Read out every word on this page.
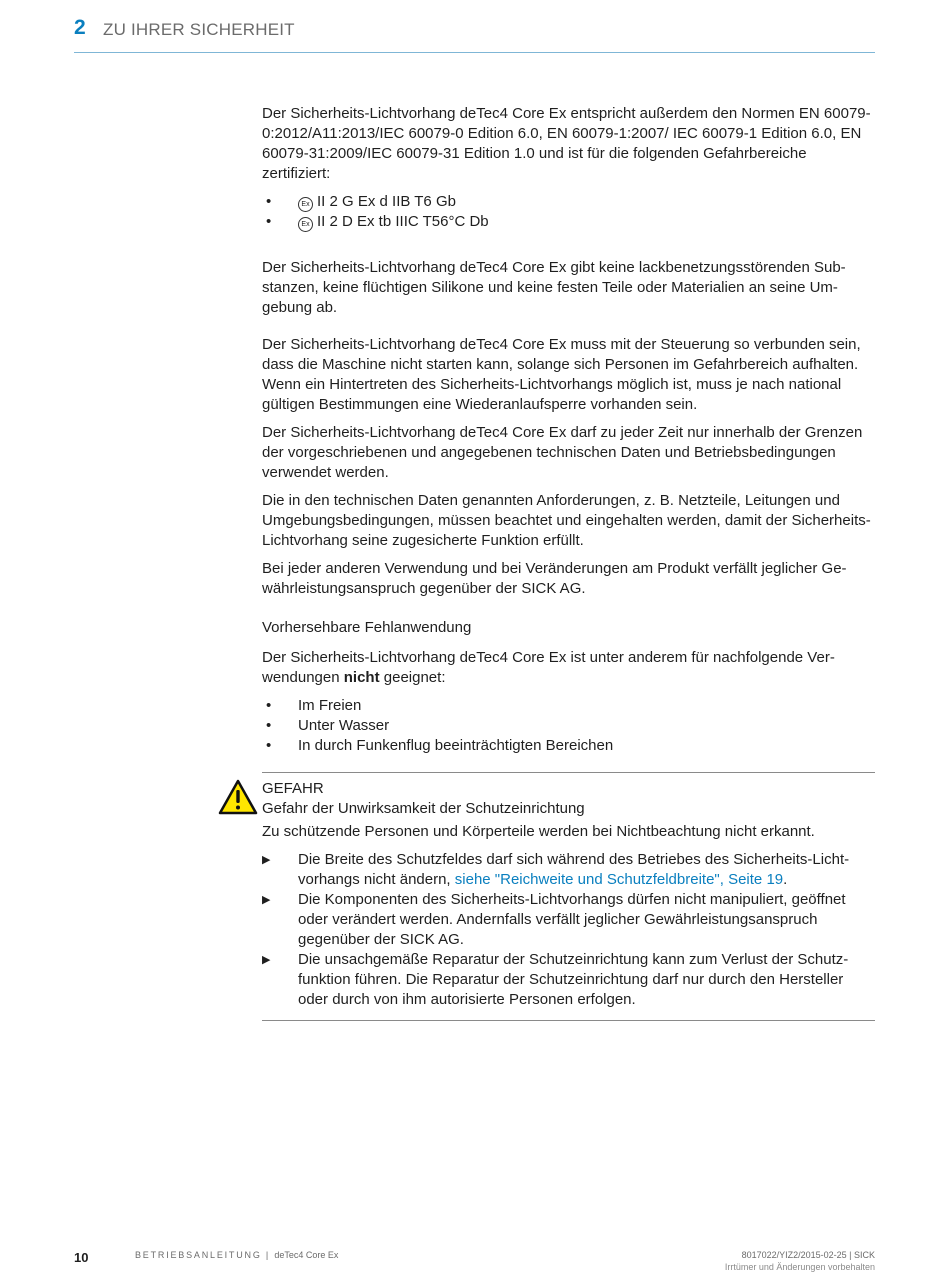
2 ZU IHRER SICHERHEIT

Der Sicherheits-Lichtvorhang deTec4 Core Ex entspricht außerdem den Normen EN 60079-0:2012/A11:2013/IEC 60079-0 Edition 6.0, EN 60079-1:2007/ IEC 60079-1 Edition 6.0, EN 60079-31:2009/IEC 60079-31 Edition 1.0 und ist für die folgenden Gefahrbereiche zertifiziert:

• Ex II 2 G Ex d IIB T6 Gb
• Ex II 2 D Ex tb IIIC T56°C Db

Der Sicherheits-Lichtvorhang deTec4 Core Ex gibt keine lackbenetzungsstörenden Substanzen, keine flüchtigen Silikone und keine festen Teile oder Materialien an seine Umgebung ab.

Der Sicherheits-Lichtvorhang deTec4 Core Ex muss mit der Steuerung so verbunden sein, dass die Maschine nicht starten kann, solange sich Personen im Gefahrbereich aufhalten. Wenn ein Hintertreten des Sicherheits-Lichtvorhangs möglich ist, muss je nach national gültigen Bestimmungen eine Wiederanlaufsperre vorhanden sein.

Der Sicherheits-Lichtvorhang deTec4 Core Ex darf zu jeder Zeit nur innerhalb der Grenzen der vorgeschriebenen und angegebenen technischen Daten und Betriebsbedingungen verwendet werden.

Die in den technischen Daten genannten Anforderungen, z. B. Netzteile, Leitungen und Umgebungsbedingungen, müssen beachtet und eingehalten werden, damit der Sicherheits-Lichtvorhang seine zugesicherte Funktion erfüllt.

Bei jeder anderen Verwendung und bei Veränderungen am Produkt verfällt jeglicher Gewährleistungsanspruch gegenüber der SICK AG.

Vorhersehbare Fehlanwendung

Der Sicherheits-Lichtvorhang deTec4 Core Ex ist unter anderem für nachfolgende Verwendungen nicht geeignet:

• Im Freien
• Unter Wasser
• In durch Funkenflug beeinträchtigten Bereichen
GEFAHR
Gefahr der Unwirksamkeit der Schutzeinrichtung

Zu schützende Personen und Körperteile werden bei Nichtbeachtung nicht erkannt.

▶ Die Breite des Schutzfeldes darf sich während des Betriebes des Sicherheits-Lichtvorhangs nicht ändern, siehe "Reichweite und Schutzfeldbreite", Seite 19.
▶ Die Komponenten des Sicherheits-Lichtvorhangs dürfen nicht manipuliert, geöffnet oder verändert werden. Andernfalls verfällt jeglicher Gewährleistungsanspruch gegenüber der SICK AG.
▶ Die unsachgemäße Reparatur der Schutzeinrichtung kann zum Verlust der Schutzfunktion führen. Die Reparatur der Schutzeinrichtung darf nur durch den Hersteller oder durch von ihm autorisierte Personen erfolgen.
10	BETRIEBSANLEITUNG | deTec4 Core Ex	8017022/YIZ2/2015-02-25 | SICK
Irrtümer und Änderungen vorbehalten
